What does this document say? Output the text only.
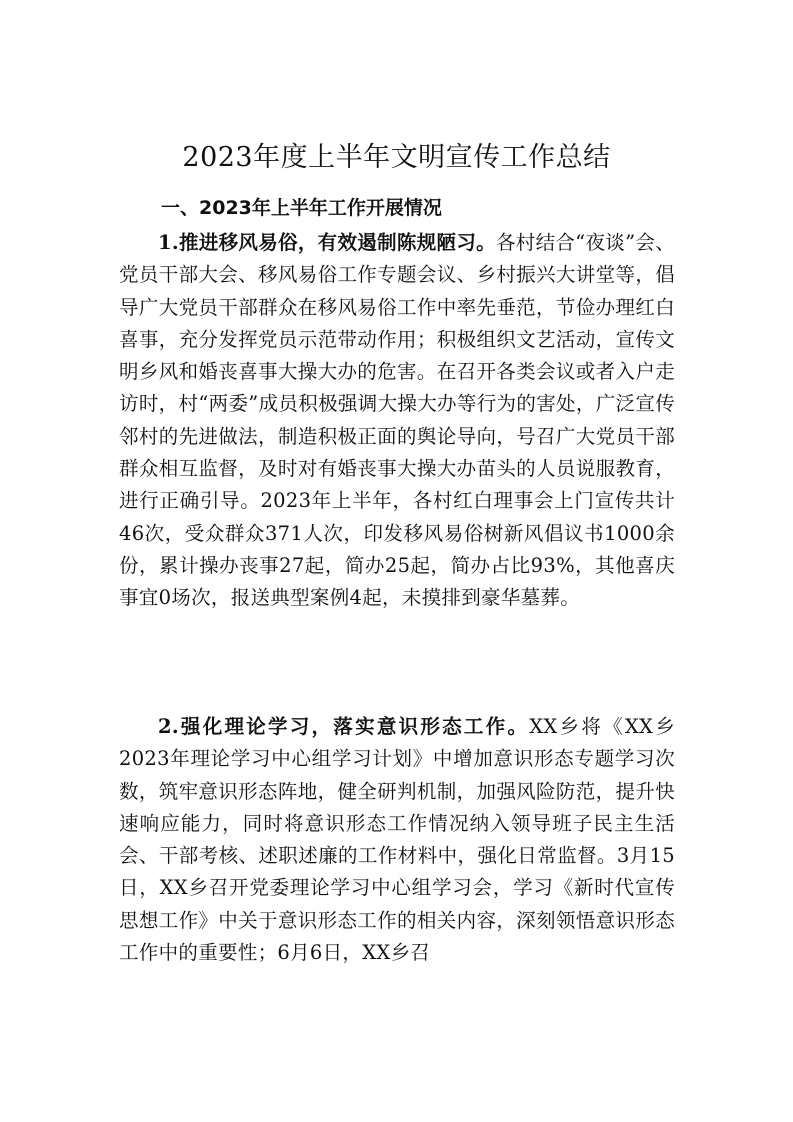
2023年度上半年文明宣传工作总结
一、2023年上半年工作开展情况

1.推进移风易俗，有效遏制陈规陋习。各村结合“夜谈”会、党员干部大会、移风易俗工作专题会议、乡村振兴大讲堂等，倡导广大党员干部群众在移风易俗工作中率先垂范，节俭办理红白喜事，充分发挥党员示范带动作用；积极组织文艺活动，宣传文明乡风和婚丧喜事大操大办的危害。在召开各类会议或者入户走访时，村“两委”成员积极强调大操大办等行为的害处，广泛宣传邻村的先进做法，制造积极正面的舆论导向，号召广大党员干部群众相互监督，及时对有婚丧事大操大办苗头的人员说服教育，进行正确引导。2023年上半年，各村红白理事会上门宣传共计46次，受众群众371人次，印发移风易俗树新风倡议书1000余份，累计操办丧事27起，简办25起，简办占比93%，其他喜庆事宜0场次，报送典型案例4起，未摸排到豪华墓葬。

2.强化理论学习，落实意识形态工作。XX乡将《XX乡2023年理论学习中心组学习计划》中增加意识形态专题学习次数，筑牢意识形态阵地，健全研判机制，加强风险防范，提升快速响应能力，同时将意识形态工作情况纳入领导班子民主生活会、干部考核、述职述廉的工作材料中，强化日常监督。3月15日，XX乡召开党委理论学习中心组学习会，学习《新时代宣传思想工作》中关于意识形态工作的相关内容，深刻领悟意识形态工作中的重要性；6月6日，XX乡召
